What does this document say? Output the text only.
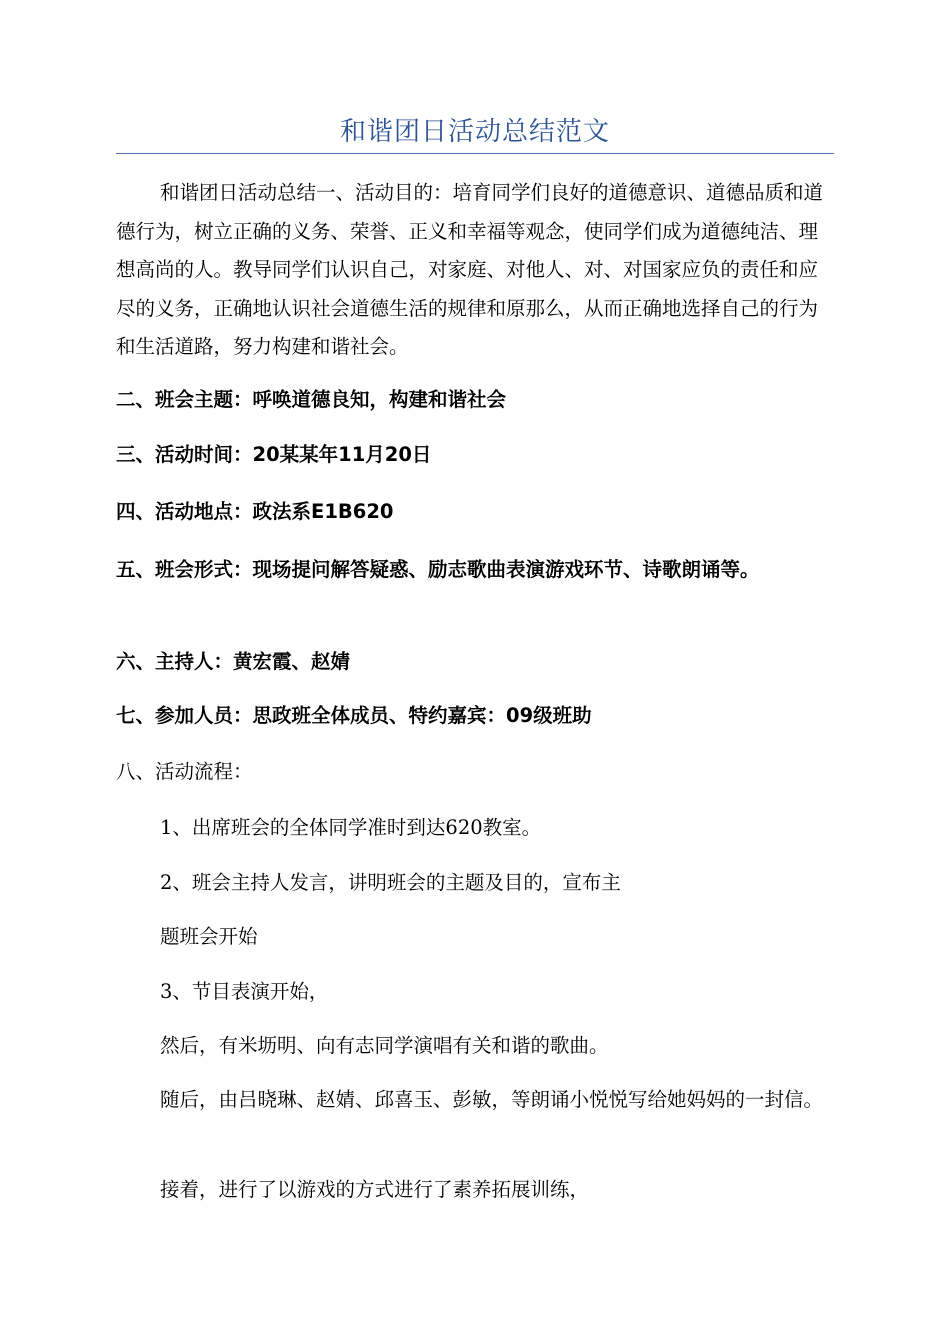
和谐团日活动总结范文

和谐团日活动总结一、活动目的：培育同学们良好的道德意识、道德品质和道德行为，树立正确的义务、荣誉、正义和幸福等观念，使同学们成为道德纯洁、理想高尚的人。教导同学们认识自己，对家庭、对他人、对、对国家应负的责任和应尽的义务，正确地认识社会道德生活的规律和原那么，从而正确地选择自己的行为和生活道路，努力构建和谐社会。

二、班会主题：呼唤道德良知，构建和谐社会

三、活动时间：20某某年11月20日

四、活动地点：政法系E1B620

五、班会形式：现场提问解答疑惑、励志歌曲表演游戏环节、诗歌朗诵等。

六、主持人：黄宏霞、赵婧

七、参加人员：思政班全体成员、特约嘉宾：09级班助

八、活动流程：

1、出席班会的全体同学准时到达620教室。

2、班会主持人发言，讲明班会的主题及目的，宣布主

题班会开始

3、节目表演开始，

然后，有米坜明、向有志同学演唱有关和谐的歌曲。

随后，由吕晓琳、赵婧、邱喜玉、彭敏，等朗诵小悦悦写给她妈妈的一封信。

接着，进行了以游戏的方式进行了素养拓展训练，
